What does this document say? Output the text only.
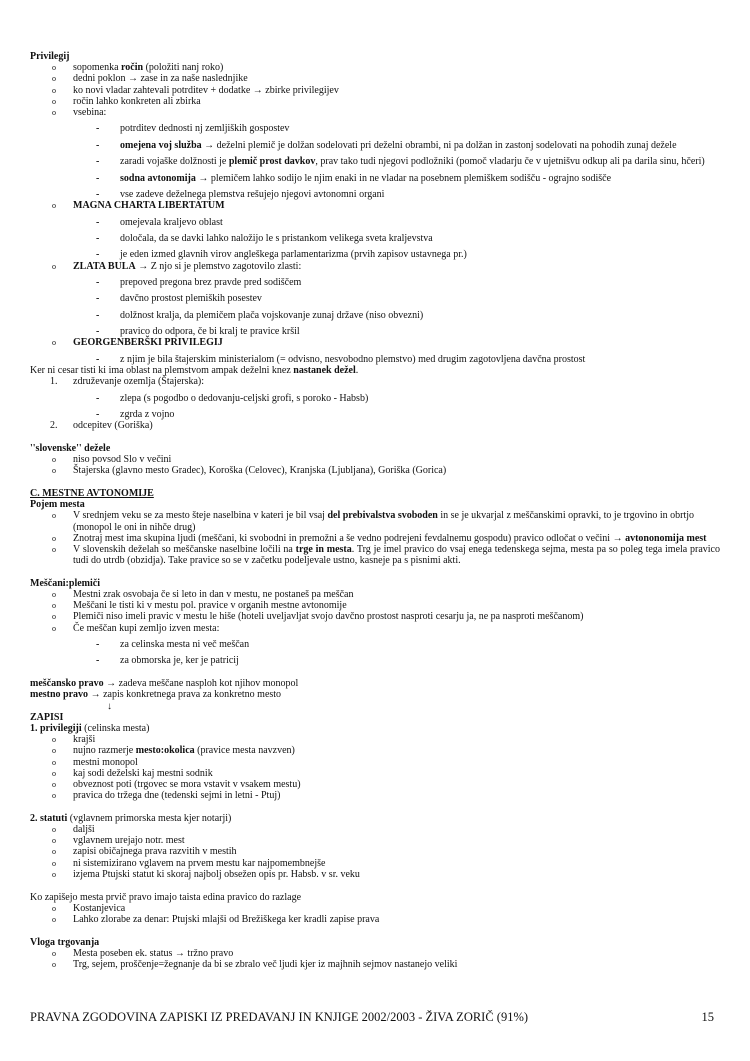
Privilegij
o sopomenka ročin (položiti nanj roko)
o dedni poklon → zase in za naše naslednjike
o ko novi vladar zahtevali potrditev + dodatke → zbirke privilegijev
o ročin lahko konkreten ali zbirka
o vsebina:
- potrditev dednosti nj zemljiških gospostev
- omejena voj služba → deželni plemič je dolžan sodelovati pri deželni obrambi, ni pa dolžan in zastonj sodelovati na pohodih zunaj dežele
- zaradi vojaške dolžnosti je plemič prost davkov, prav tako tudi njegovi podložniki (pomoč vladarju če v ujetnišvu odkup ali pa darila sinu, hčeri)
- sodna avtonomija → plemičem lahko sodijo le njim enaki in ne vladar na posebnem plemiškem sodišču - ograjno sodišče
- vse zadeve deželnega plemstva rešujejo njegovi avtonomni organi
o MAGNA CHARTA LIBERTATUM
- omejevala kraljevo oblast
- določala, da se davki lahko naložijo le s pristankom velikega sveta kraljevstva
- je eden izmed glavnih virov angleškega parlamentarizma (prvih zapisov ustavnega pr.)
o ZLATA BULA → Z njo si je plemstvo zagotovilo zlasti:
- prepoved pregona brez pravde pred sodiščem
- davčno prostost plemiških posestev
- dolžnost kralja, da plemičem plača vojskovanje zunaj države (niso obvezni)
- pravico do odpora, če bi kralj te pravice kršil
o GEORGENBERŠKI PRIVILEGIJ
- z njim je bila štajerskim ministerialom (= odvisno, nesvobodno plemstvo) med drugim zagotovljena davčna prostost
Ker ni cesar tisti ki ima oblast na plemstvom ampak deželni knez nastanek dežel.
1. združevanje ozemlja (Štajerska):
- zlepa (s pogodbo o dedovanju-celjski grofi, s poroko - Habsb)
- zgrda z vojno
2. odcepitev (Goriška)
''slovenske'' dežele
o niso povsod Slo v večini
o Štajerska (glavno mesto Gradec), Koroška (Celovec), Kranjska (Ljubljana), Goriška (Gorica)
C. MESTNE AVTONOMIJE
Pojem mesta
o V srednjem veku se za mesto šteje naselbina v kateri je bil vsaj del prebivalstva svoboden in se je ukvarjal z meščanskimi opravki, to je trgovino in obrtjo (monopol le oni in nihče drug)
o Znotraj mest ima skupina ljudi (meščani, ki svobodni in premožni a še vedno podrejeni fevdalnemu gospodu) pravico odločat o večini → avtononomija mest
o V slovenskih deželah so meščanske naselbine ločili na trge in mesta. Trg je imel pravico do vsaj enega tedenskega sejma, mesta pa so poleg tega imela pravico tudi do utrdb (obzidja). Take pravice so se v začetku podeljevale ustno, kasneje pa s pisnimi akti.
Meščani:plemiči
o Mestni zrak osvobaja če si leto in dan v mestu, ne postaneš pa meščan
o Meščani le tisti ki v mestu pol. pravice v organih mestne avtonomije
o Plemiči niso imeli pravic v mestu le hiše (hoteli uveljavljat svojo davčno prostost nasproti cesarju ja, ne pa nasproti meščanom)
o Če meščan kupi zemljo izven mesta:
- za celinska mesta ni več meščan
- za obmorska je, ker je patricij
meščansko pravo → zadeva meščane nasploh kot njihov monopol
mestno pravo → zapis konkretnega prava za konkretno mesto
↓
ZAPISI
1. privilegiji (celinska mesta)
o krajši
o nujno razmerje mesto:okolica (pravice mesta navzven)
o mestni monopol
o kaj sodi deželski kaj mestni sodnik
o obveznost poti (trgovec se mora vstavit v vsakem mestu)
o pravica do tržega dne (tedenski sejmi in letni - Ptuj)
2. statuti (vglavnem primorska mesta kjer notarji)
o daljši
o vglavnem urejajo notr. mest
o zapisi običajnega prava razvitih v mestih
o ni sistemizirano vglavem na prvem mestu kar najpomembnejše
o izjema Ptujski statut ki skoraj najbolj obsežen opis pr. Habsb. v sr. veku
Ko zapišejo mesta prvič pravo imajo taista edina pravico do razlage
o Kostanjevica
o Lahko zlorabe za denar: Ptujski mlajši od Brežiškega ker kradli zapise prava
Vloga trgovanja
o Mesta poseben ek. status → tržno pravo
o Trg, sejem, proščenje=žegnanje da bi se zbralo več ljudi kjer iz majhnih sejmov nastanejo veliki
PRAVNA ZGODOVINA ZAPISKI IZ PREDAVANJ IN KNJIGE 2002/2003 - ŽIVA ZORIČ (91%)	15
